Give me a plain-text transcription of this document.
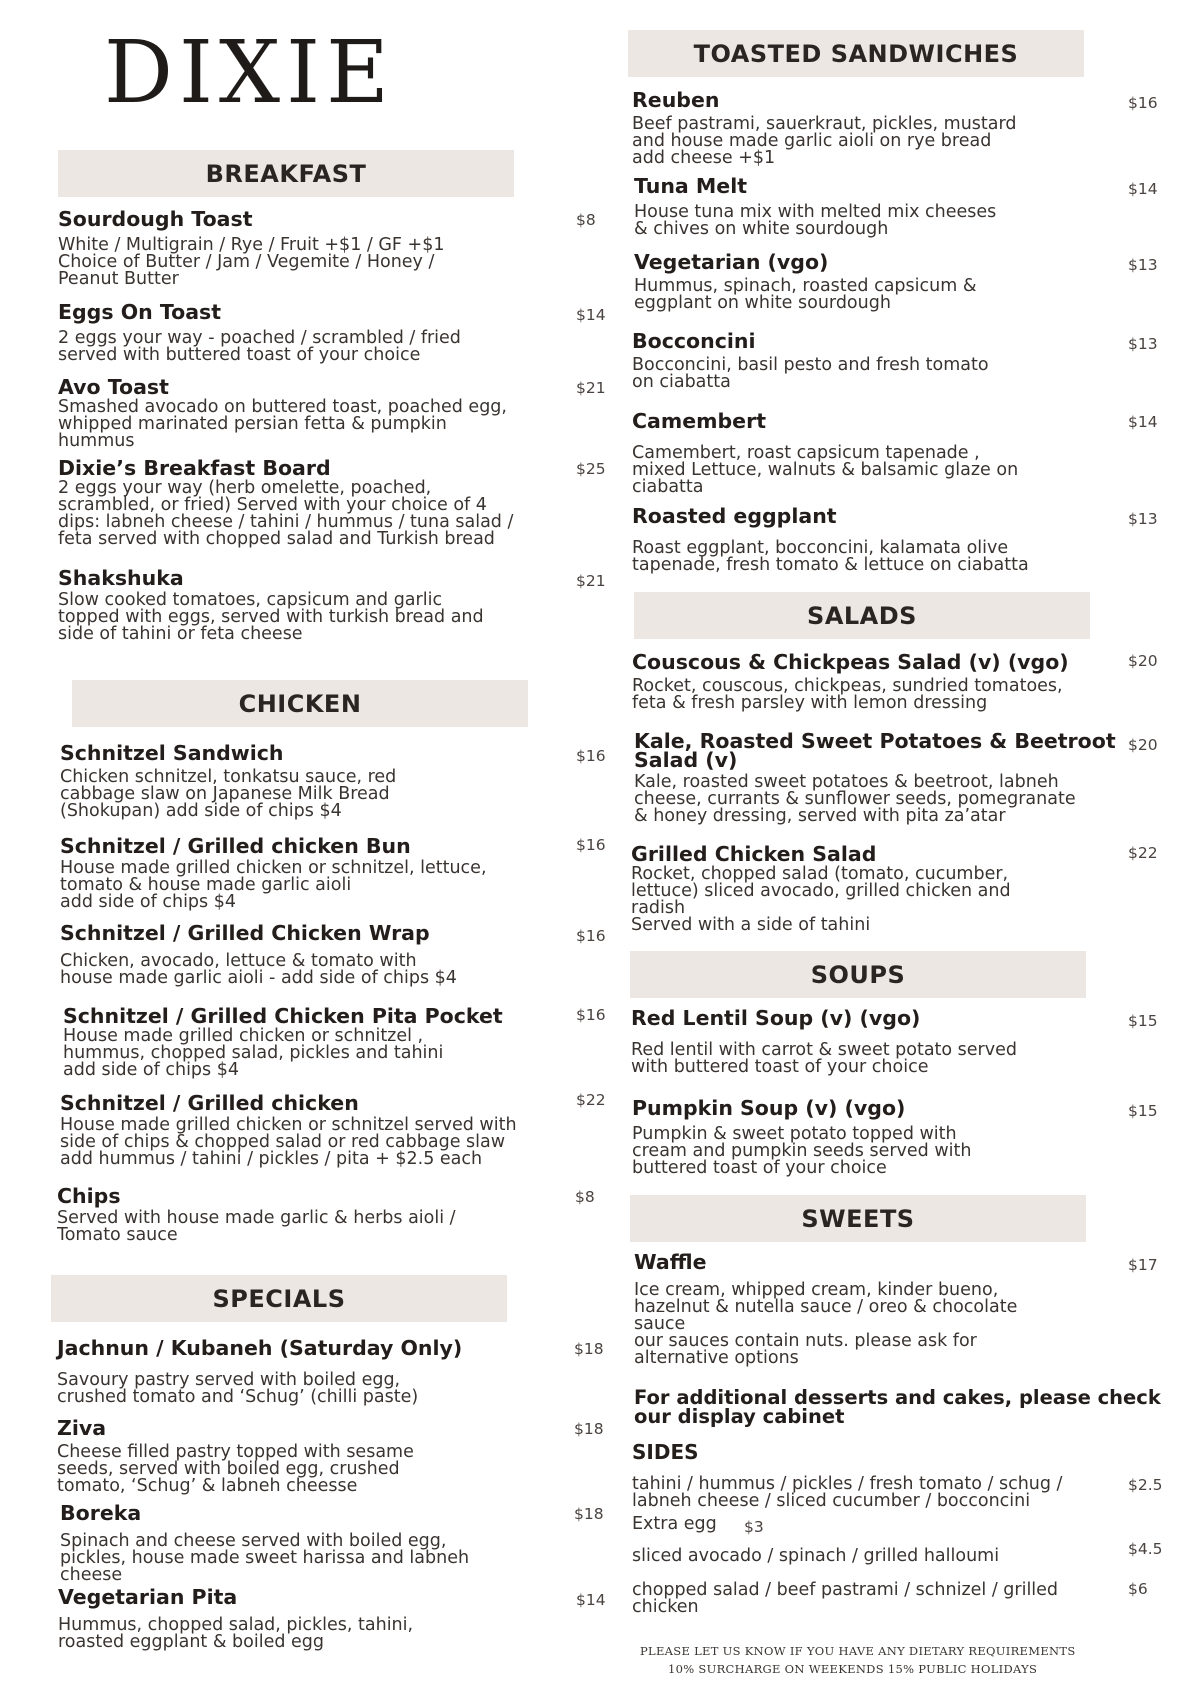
DIXIE
BREAKFAST
Sourdough Toast	$8
White / Multigrain / Rye / Fruit +$1 / GF +$1
Choice of Butter / Jam / Vegemite / Honey /
Peanut Butter
Eggs On Toast	$14
2 eggs your way - poached / scrambled / fried
served with buttered toast of your choice
Avo Toast	$21
Smashed avocado on buttered toast, poached egg,
whipped marinated persian fetta & pumpkin
hummus
Dixie’s Breakfast Board	$25
2 eggs your way (herb omelette, poached,
scrambled, or fried) Served with your choice of 4
dips: labneh cheese / tahini / hummus / tuna salad /
feta served with chopped salad and Turkish bread
Shakshuka	$21
Slow cooked tomatoes, capsicum and garlic
topped with eggs, served with turkish bread and
side of tahini or feta cheese
CHICKEN
Schnitzel Sandwich	$16
Chicken schnitzel, tonkatsu sauce, red
cabbage slaw on Japanese Milk Bread
(Shokupan) add side of chips $4
Schnitzel / Grilled chicken Bun	$16
House made grilled chicken or schnitzel, lettuce,
tomato & house made garlic aioli
add side of chips $4
Schnitzel / Grilled Chicken Wrap	$16
Chicken, avocado, lettuce & tomato with
house made garlic aioli - add side of chips $4
Schnitzel / Grilled Chicken Pita Pocket	$16
House made grilled chicken or schnitzel ,
hummus, chopped salad, pickles and tahini
add side of chips $4
Schnitzel / Grilled chicken	$22
House made grilled chicken or schnitzel served with
side of chips & chopped salad or red cabbage slaw
add hummus / tahini / pickles / pita + $2.5 each
Chips	$8
Served with house made garlic & herbs aioli /
Tomato sauce
SPECIALS
Jachnun / Kubaneh (Saturday Only)	$18
Savoury pastry served with boiled egg,
crushed tomato and ‘Schug’ (chilli paste)
Ziva	$18
Cheese filled pastry topped with sesame
seeds, served with boiled egg, crushed
tomato, ‘Schug’ & labneh cheesse
Boreka	$18
Spinach and cheese served with boiled egg,
pickles, house made sweet harissa and labneh
cheese
Vegetarian Pita	$14
Hummus, chopped salad, pickles, tahini,
roasted eggplant & boiled egg
TOASTED SANDWICHES
Reuben	$16
Beef pastrami, sauerkraut, pickles, mustard
and house made garlic aioli on rye bread
add cheese +$1
Tuna Melt	$14
House tuna mix with melted mix cheeses
& chives on white sourdough
Vegetarian (vgo)	$13
Hummus, spinach, roasted capsicum &
eggplant on white sourdough
Bocconcini	$13
Bocconcini, basil pesto and fresh tomato
on ciabatta
Camembert	$14
Camembert, roast capsicum tapenade ,
mixed Lettuce, walnuts & balsamic glaze on
ciabatta
Roasted eggplant	$13
Roast eggplant, bocconcini, kalamata olive
tapenade, fresh tomato & lettuce on ciabatta
SALADS
Couscous & Chickpeas Salad (v) (vgo)	$20
Rocket, couscous, chickpeas, sundried tomatoes,
feta & fresh parsley with lemon dressing
Kale, Roasted Sweet Potatoes & Beetroot
Salad (v)
$20
Kale, roasted sweet potatoes & beetroot, labneh
cheese, currants & sunflower seeds, pomegranate
& honey dressing, served with pita za’atar
Grilled Chicken Salad	$22
Rocket, chopped salad (tomato, cucumber,
lettuce) sliced avocado, grilled chicken and
radish
Served with a side of tahini
SOUPS
Red Lentil Soup (v) (vgo)	$15
Red lentil with carrot & sweet potato served
with buttered toast of your choice
Pumpkin Soup (v) (vgo)	$15
Pumpkin & sweet potato topped with
cream and pumpkin seeds served with
buttered toast of your choice
SWEETS
Waffle	$17
Ice cream, whipped cream, kinder bueno,
hazelnut & nutella sauce / oreo & chocolate
sauce
our sauces contain nuts. please ask for
alternative options
For additional desserts and cakes, please check
our display cabinet
SIDES
tahini / hummus / pickles / fresh tomato / schug /
labneh cheese / sliced cucumber / bocconcini
$2.5
Extra egg $3
sliced avocado / spinach / grilled halloumi	$4.5
chopped salad / beef pastrami / schnizel / grilled
chicken
$6
PLEASE LET US KNOW IF YOU HAVE ANY DIETARY REQUIREMENTS
10% SURCHARGE ON WEEKENDS 15% PUBLIC HOLIDAYS
